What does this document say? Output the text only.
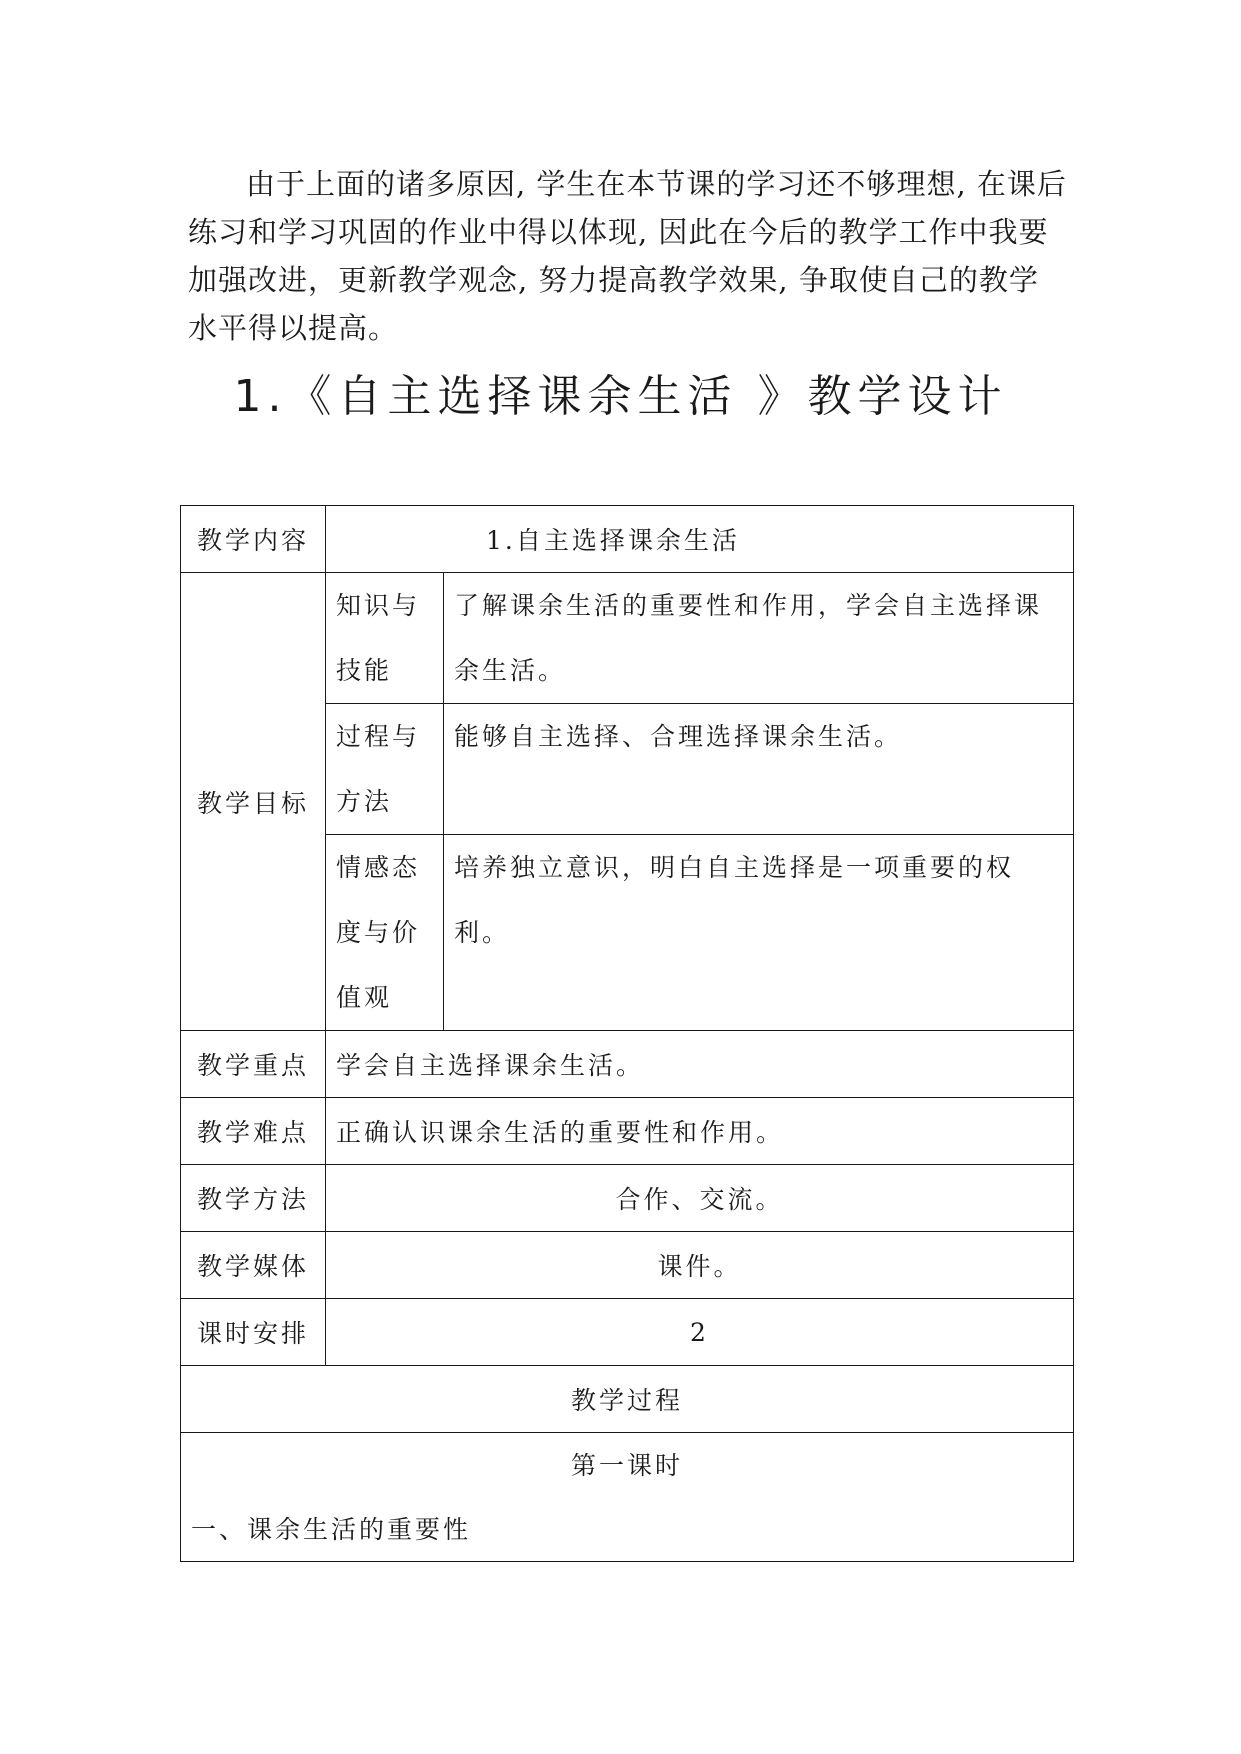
由于上面的诸多原因, 学生在本节课的学习还不够理想, 在课后练习和学习巩固的作业中得以体现, 因此在今后的教学工作中我要加强改进，更新教学观念, 努力提高教学效果, 争取使自己的教学水平得以提高。

1.《自主选择课余生活 》教学设计
教学内容	1.自主选择课余生活	
教学目标	知识与技能	了解课余生活的重要性和作用，学会自主选择课余生活。
	过程与方法	能够自主选择、合理选择课余生活。
	情感态度与价值观	培养独立意识，明白自主选择是一项重要的权利。
教学重点	学会自主选择课余生活。	
教学难点	正确认识课余生活的重要性和作用。	
教学方法	合作、交流。	
教学媒体	课件。	
课时安排	2	
教学过程		

第一课时
一、课余生活的重要性		
